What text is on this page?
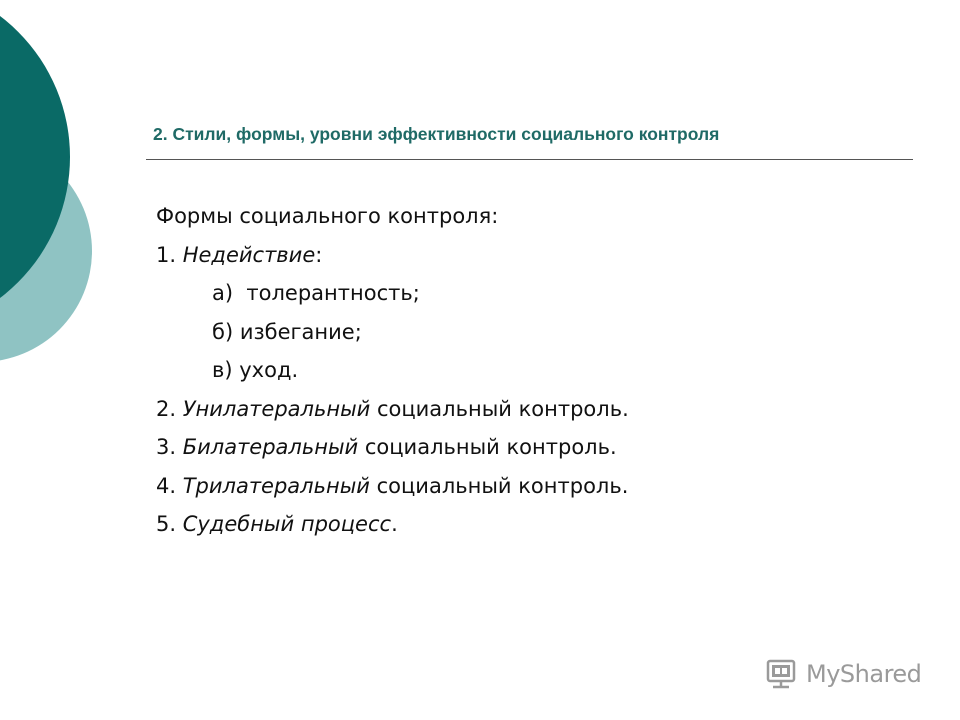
2. Стили, формы, уровни эффективности социального контроля
Формы социального контроля:
1. Недействие:
а)  толерантность;
б) избегание;
в) уход.
2. Унилатеральный социальный контроль.
3. Билатеральный социальный контроль.
4. Трилатеральный социальный контроль.
5. Судебный процесс.
MyShared
